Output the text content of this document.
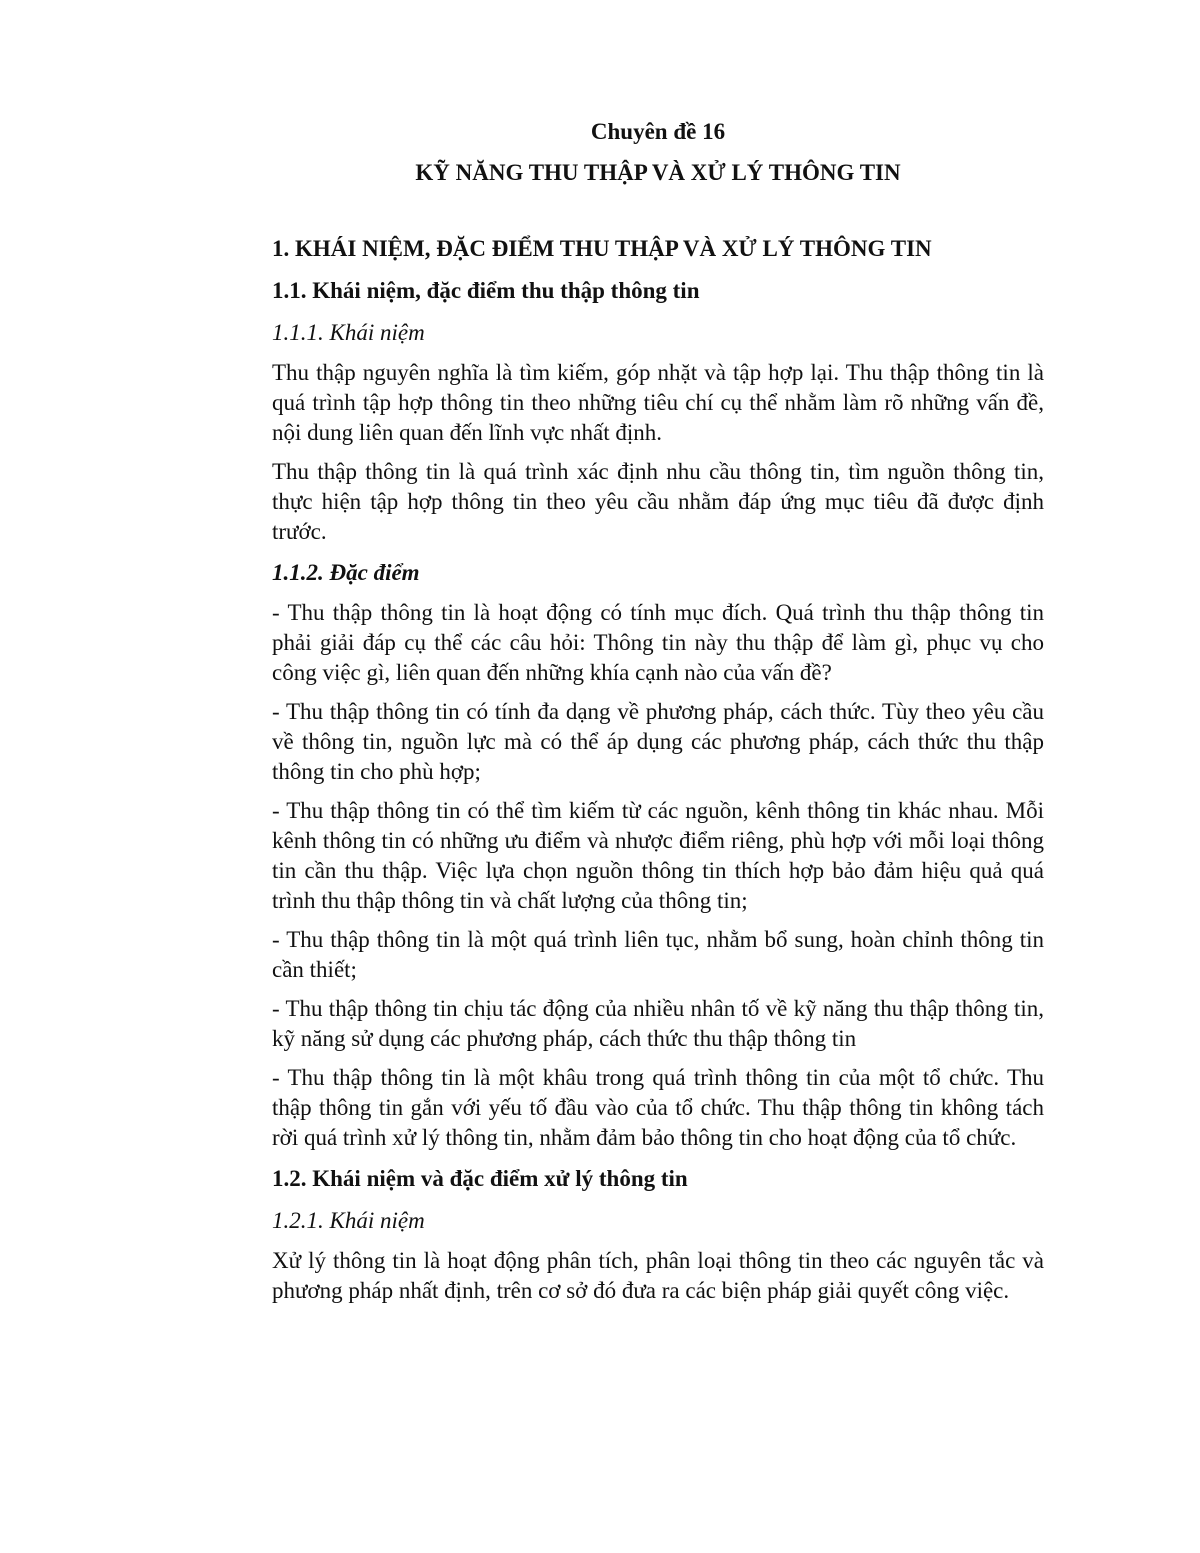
Chuyên đề 16
KỸ NĂNG THU THẬP VÀ XỬ LÝ THÔNG TIN
1. KHÁI NIỆM, ĐẶC ĐIỂM THU THẬP VÀ XỬ LÝ THÔNG TIN
1.1. Khái niệm, đặc điểm thu thập thông tin
1.1.1. Khái niệm

Thu thập nguyên nghĩa là tìm kiếm, góp nhặt và tập hợp lại. Thu thập thông tin là quá trình tập hợp thông tin theo những tiêu chí cụ thể nhằm làm rõ những vấn đề, nội dung liên quan đến lĩnh vực nhất định.

Thu thập thông tin là quá trình xác định nhu cầu thông tin, tìm nguồn thông tin, thực hiện tập hợp thông tin theo yêu cầu nhằm đáp ứng mục tiêu đã được định trước.

1.1.2. Đặc điểm

- Thu thập thông tin là hoạt động có tính mục đích. Quá trình thu thập thông tin phải giải đáp cụ thể các câu hỏi: Thông tin này thu thập để làm gì, phục vụ cho công việc gì, liên quan đến những khía cạnh nào của vấn đề?

- Thu thập thông tin có tính đa dạng về phương pháp, cách thức. Tùy theo yêu cầu về thông tin, nguồn lực mà có thể áp dụng các phương pháp, cách thức thu thập thông tin cho phù hợp;

- Thu thập thông tin có thể tìm kiếm từ các nguồn, kênh thông tin khác nhau. Mỗi kênh thông tin có những ưu điểm và nhược điểm riêng, phù hợp với mỗi loại thông tin cần thu thập. Việc lựa chọn nguồn thông tin thích hợp bảo đảm hiệu quả quá trình thu thập thông tin và chất lượng của thông tin;

- Thu thập thông tin là một quá trình liên tục, nhằm bổ sung, hoàn chỉnh thông tin cần thiết;

- Thu thập thông tin chịu tác động của nhiều nhân tố về kỹ năng thu thập thông tin, kỹ năng sử dụng các phương pháp, cách thức thu thập thông tin

- Thu thập thông tin là một khâu trong quá trình thông tin của một tổ chức. Thu thập thông tin gắn với yếu tố đầu vào của tổ chức. Thu thập thông tin không tách rời quá trình xử lý thông tin, nhằm đảm bảo thông tin cho hoạt động của tổ chức.

1.2. Khái niệm và đặc điểm xử lý thông tin
1.2.1. Khái niệm

Xử lý thông tin là hoạt động phân tích, phân loại thông tin theo các nguyên tắc và phương pháp nhất định, trên cơ sở đó đưa ra các biện pháp giải quyết công việc.
